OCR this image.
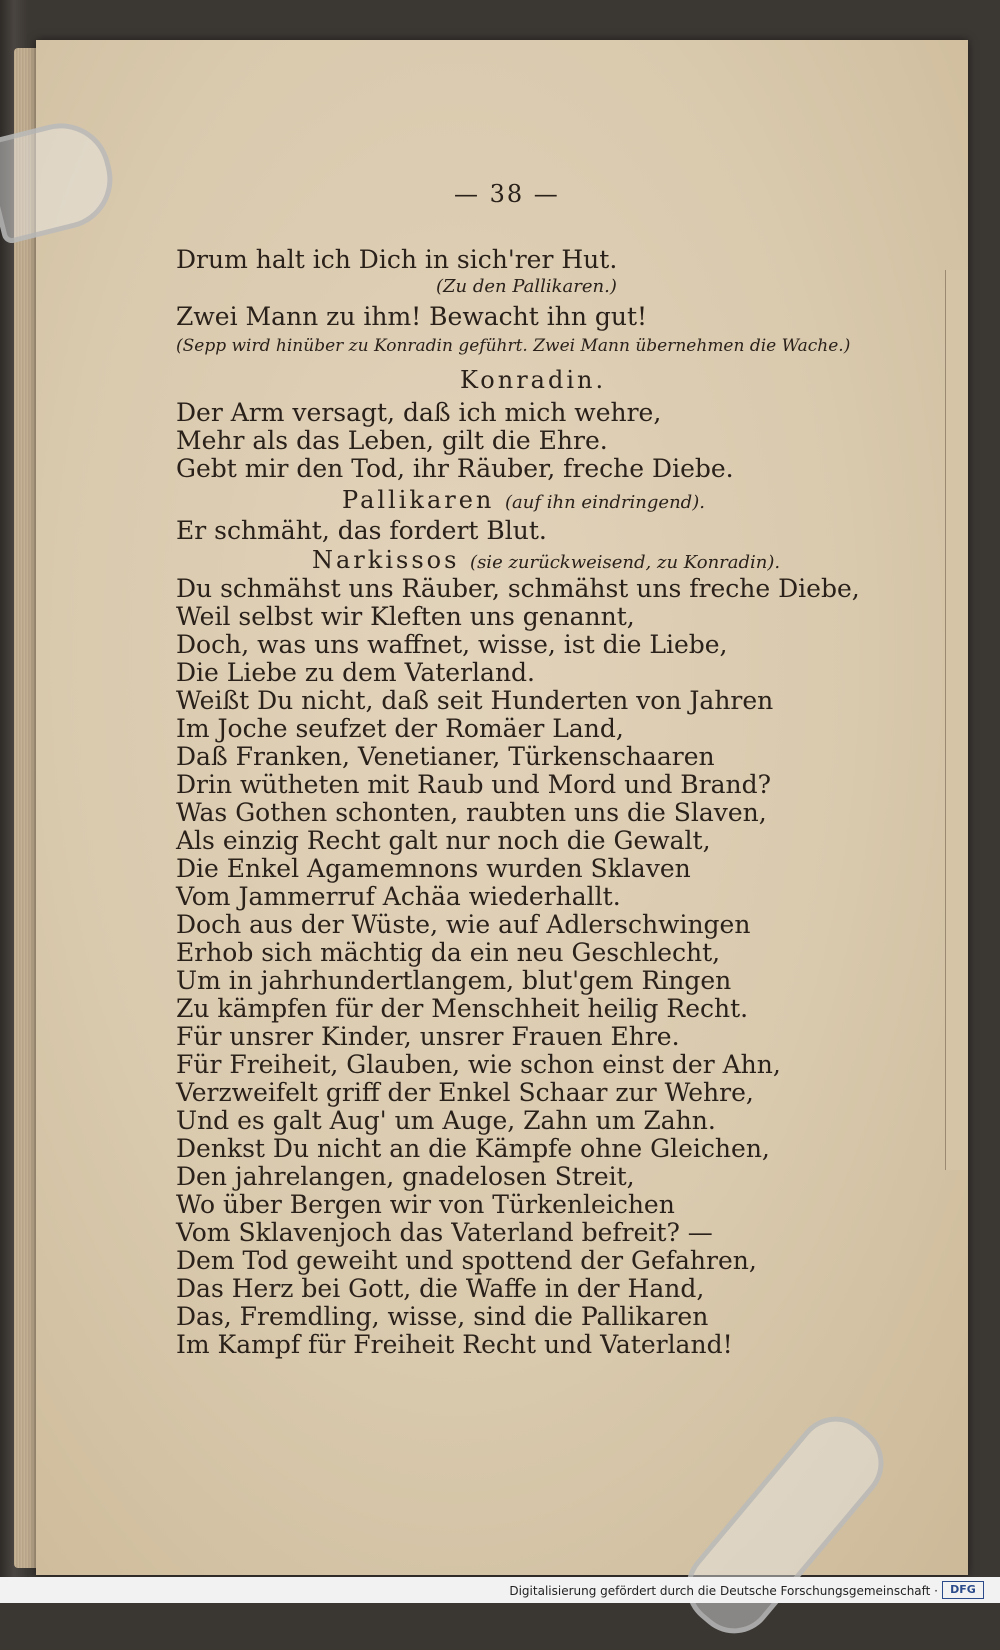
— 38 —
Drum halt ich Dich in sich'rer Hut.
(Zu den Pallikaren.)
Zwei Mann zu ihm! Bewacht ihn gut!
(Sepp wird hinüber zu Konradin geführt. Zwei Mann übernehmen die Wache.)
Konradin.
Der Arm versagt, daß ich mich wehre,
Mehr als das Leben, gilt die Ehre.
Gebt mir den Tod, ihr Räuber, freche Diebe.
Pallikaren (auf ihn eindringend).
Er schmäht, das fordert Blut.
Narkissos (sie zurückweisend, zu Konradin).
Du schmähst uns Räuber, schmähst uns freche Diebe,
Weil selbst wir Kleften uns genannt,
Doch, was uns waffnet, wisse, ist die Liebe,
Die Liebe zu dem Vaterland.
Weißt Du nicht, daß seit Hunderten von Jahren
Im Joche seufzet der Romäer Land,
Daß Franken, Venetianer, Türkenschaaren
Drin wütheten mit Raub und Mord und Brand?
Was Gothen schonten, raubten uns die Slaven,
Als einzig Recht galt nur noch die Gewalt,
Die Enkel Agamemnons wurden Sklaven
Vom Jammerruf Achäa wiederhallt.
Doch aus der Wüste, wie auf Adlerschwingen
Erhob sich mächtig da ein neu Geschlecht,
Um in jahrhundertlangem, blut'gem Ringen
Zu kämpfen für der Menschheit heilig Recht.
Für unsrer Kinder, unsrer Frauen Ehre.
Für Freiheit, Glauben, wie schon einst der Ahn,
Verzweifelt griff der Enkel Schaar zur Wehre,
Und es galt Aug' um Auge, Zahn um Zahn.
Denkst Du nicht an die Kämpfe ohne Gleichen,
Den jahrelangen, gnadelosen Streit,
Wo über Bergen wir von Türkenleichen
Vom Sklavenjoch das Vaterland befreit? —
Dem Tod geweiht und spottend der Gefahren,
Das Herz bei Gott, die Waffe in der Hand,
Das, Fremdling, wisse, sind die Pallikaren
Im Kampf für Freiheit Recht und Vaterland!
Digitalisierung gefördert durch die Deutsche Forschungsgemeinschaft ·	DFG
